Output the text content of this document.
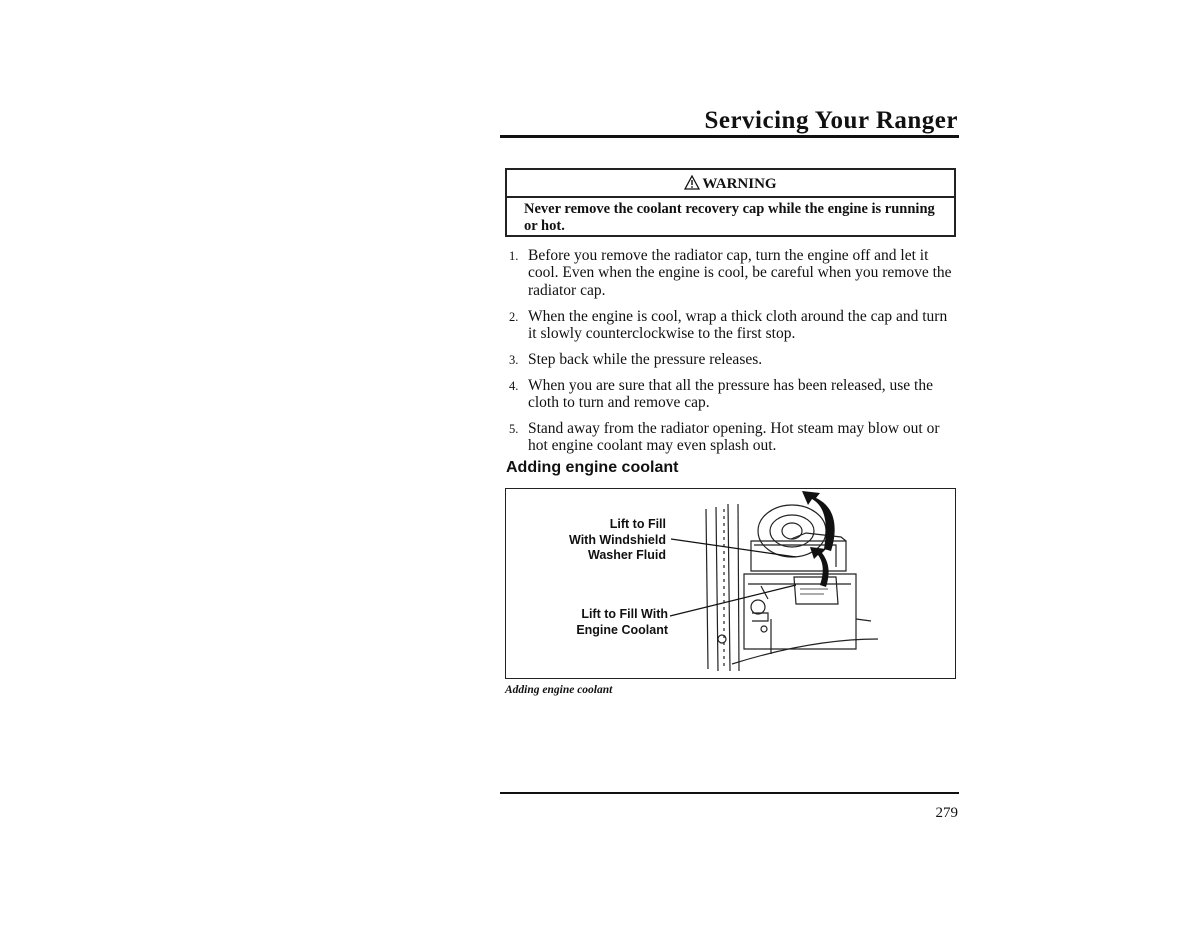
Servicing Your Ranger
WARNING
Never remove the coolant recovery cap while the engine is running or hot.
1. Before you remove the radiator cap, turn the engine off and let it cool. Even when the engine is cool, be careful when you remove the radiator cap.
2. When the engine is cool, wrap a thick cloth around the cap and turn it slowly counterclockwise to the first stop.
3. Step back while the pressure releases.
4. When you are sure that all the pressure has been released, use the cloth to turn and remove cap.
5. Stand away from the radiator opening. Hot steam may blow out or hot engine coolant may even splash out.
Adding engine coolant
Lift to Fill
With Windshield
Washer Fluid
Lift to Fill With
Engine Coolant
Adding engine coolant
279
